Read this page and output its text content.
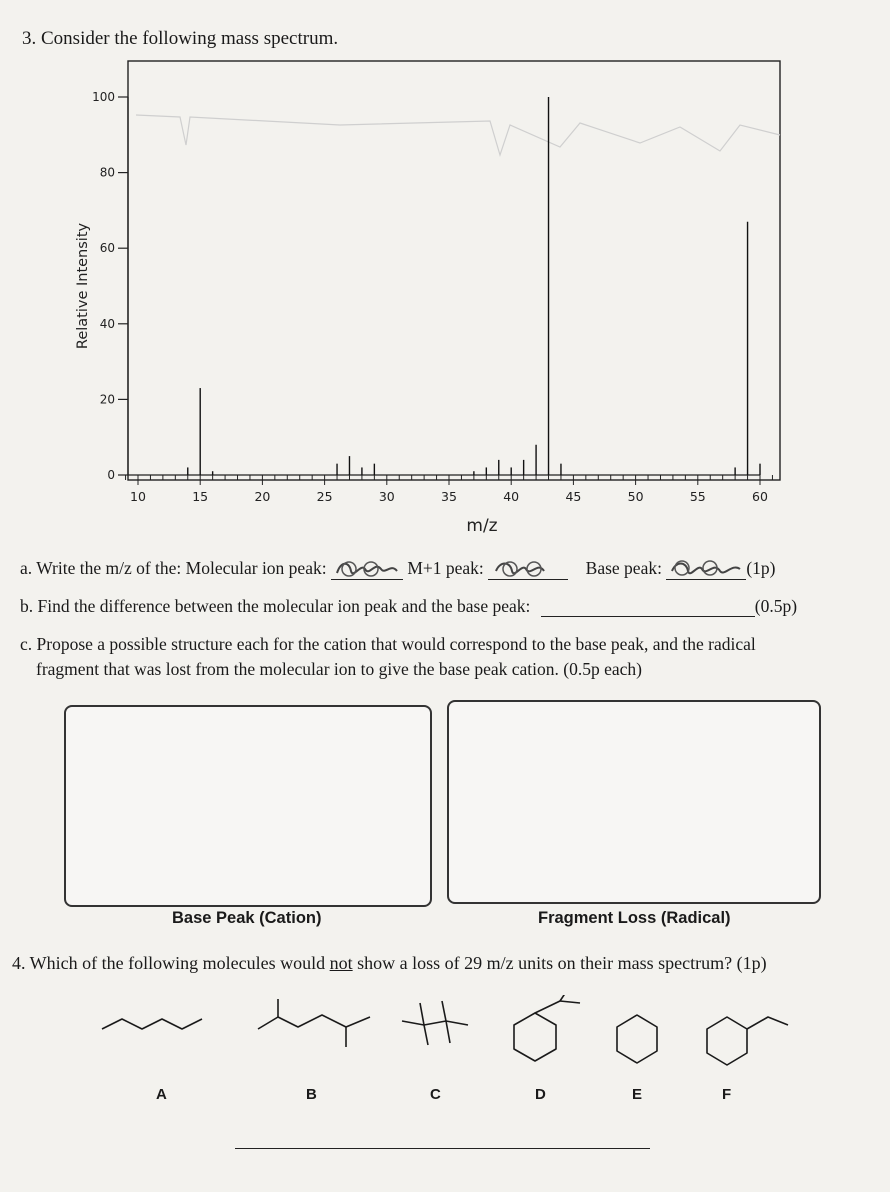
3. Consider the following mass spectrum.
0
20
40
60
80
100
Relative Intensity
10	15	20	25	30	35	40	45	50	55	60
m/z
a. Write the m/z of the: Molecular ion peak:	M+1 peak:	Base peak:	(1p)
b. Find the difference between the molecular ion peak and the base peak:	(0.5p)
c. Propose a possible structure each for the cation that would correspond to the base peak, and the radical
fragment that was lost from the molecular ion to give the base peak cation. (0.5p each)

Base Peak (Cation)	Fragment Loss (Radical)
4. Which of the following molecules would not show a loss of 29 m/z units on their mass spectrum? (1p)
A	B	C	D	E	F
